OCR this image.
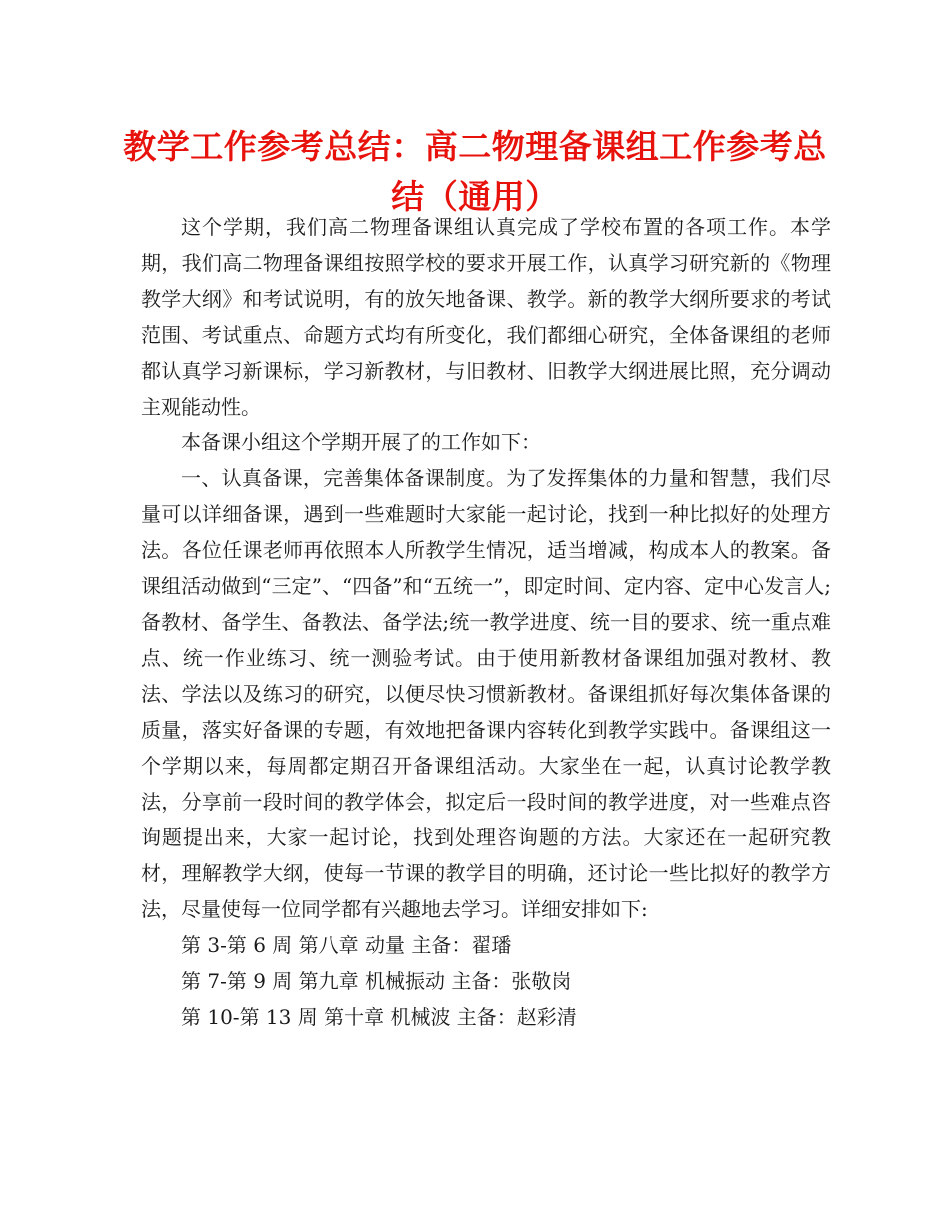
教学工作参考总结：高二物理备课组工作参考总
结（通用）

这个学期，我们高二物理备课组认真完成了学校布置的各项工作。本学期，我们高二物理备课组按照学校的要求开展工作，认真学习研究新的《物理教学大纲》和考试说明，有的放矢地备课、教学。新的教学大纲所要求的考试范围、考试重点、命题方式均有所变化，我们都细心研究，全体备课组的老师都认真学习新课标，学习新教材，与旧教材、旧教学大纲进展比照，充分调动主观能动性。

本备课小组这个学期开展了的工作如下：

一、认真备课，完善集体备课制度。为了发挥集体的力量和智慧，我们尽量可以详细备课，遇到一些难题时大家能一起讨论，找到一种比拟好的处理方法。各位任课老师再依照本人所教学生情况，适当增减，构成本人的教案。备课组活动做到“三定”、“四备”和“五统一”，即定时间、定内容、定中心发言人;备教材、备学生、备教法、备学法;统一教学进度、统一目的要求、统一重点难点、统一作业练习、统一测验考试。由于使用新教材备课组加强对教材、教法、学法以及练习的研究，以便尽快习惯新教材。备课组抓好每次集体备课的质量，落实好备课的专题，有效地把备课内容转化到教学实践中。备课组这一个学期以来，每周都定期召开备课组活动。大家坐在一起，认真讨论教学教法，分享前一段时间的教学体会，拟定后一段时间的教学进度，对一些难点咨询题提出来，大家一起讨论，找到处理咨询题的方法。大家还在一起研究教材，理解教学大纲，使每一节课的教学目的明确，还讨论一些比拟好的教学方法，尽量使每一位同学都有兴趣地去学习。详细安排如下:

第 3-第 6 周 第八章 动量 主备：翟璠

第 7-第 9 周 第九章 机械振动 主备：张敬岗

第 10-第 13 周 第十章 机械波 主备：赵彩清
